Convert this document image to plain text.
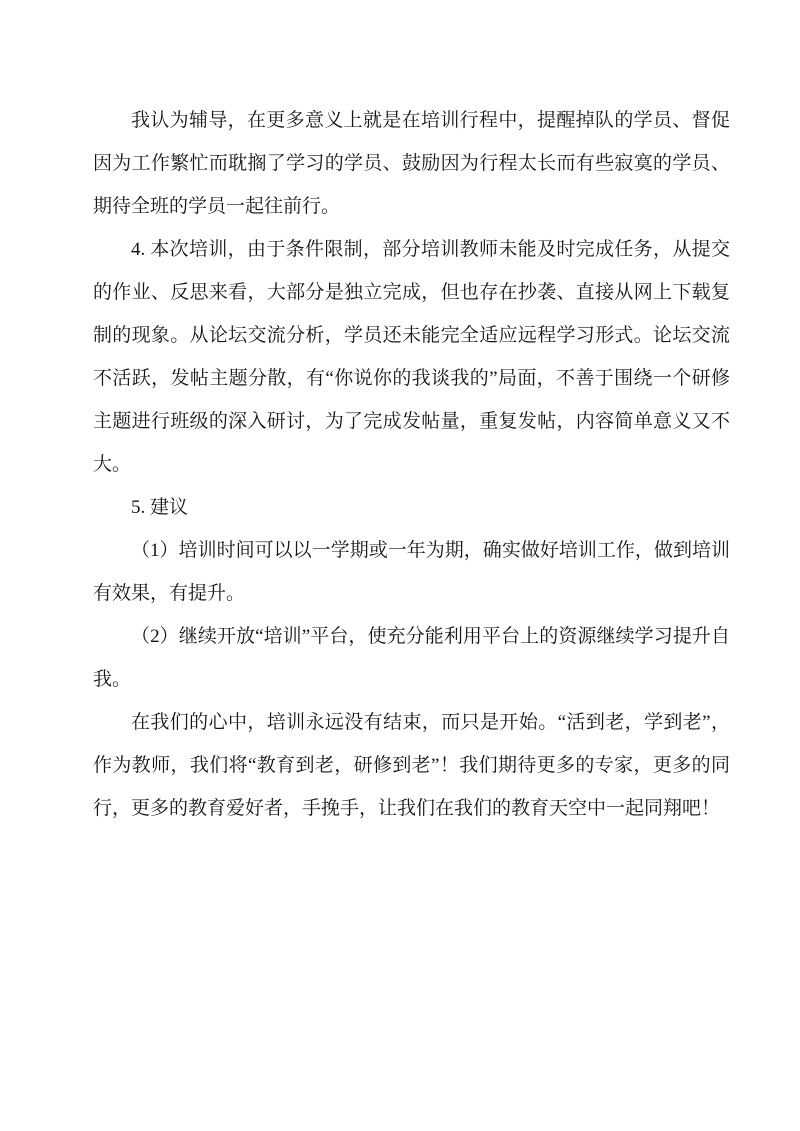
我认为辅导，在更多意义上就是在培训行程中，提醒掉队的学员、督促因为工作繁忙而耽搁了学习的学员、鼓励因为行程太长而有些寂寞的学员、期待全班的学员一起往前行。

4. 本次培训，由于条件限制，部分培训教师未能及时完成任务，从提交的作业、反思来看，大部分是独立完成，但也存在抄袭、直接从网上下载复制的现象。从论坛交流分析，学员还未能完全适应远程学习形式。论坛交流不活跃，发帖主题分散，有“你说你的我谈我的”局面，不善于围绕一个研修主题进行班级的深入研讨，为了完成发帖量，重复发帖，内容简单意义又不大。

5. 建议

（1）培训时间可以以一学期或一年为期，确实做好培训工作，做到培训有效果，有提升。

（2）继续开放“培训”平台，使充分能利用平台上的资源继续学习提升自我。

在我们的心中，培训永远没有结束，而只是开始。“活到老，学到老”，作为教师，我们将“教育到老，研修到老”！我们期待更多的专家，更多的同行，更多的教育爱好者，手挽手，让我们在我们的教育天空中一起同翔吧！
